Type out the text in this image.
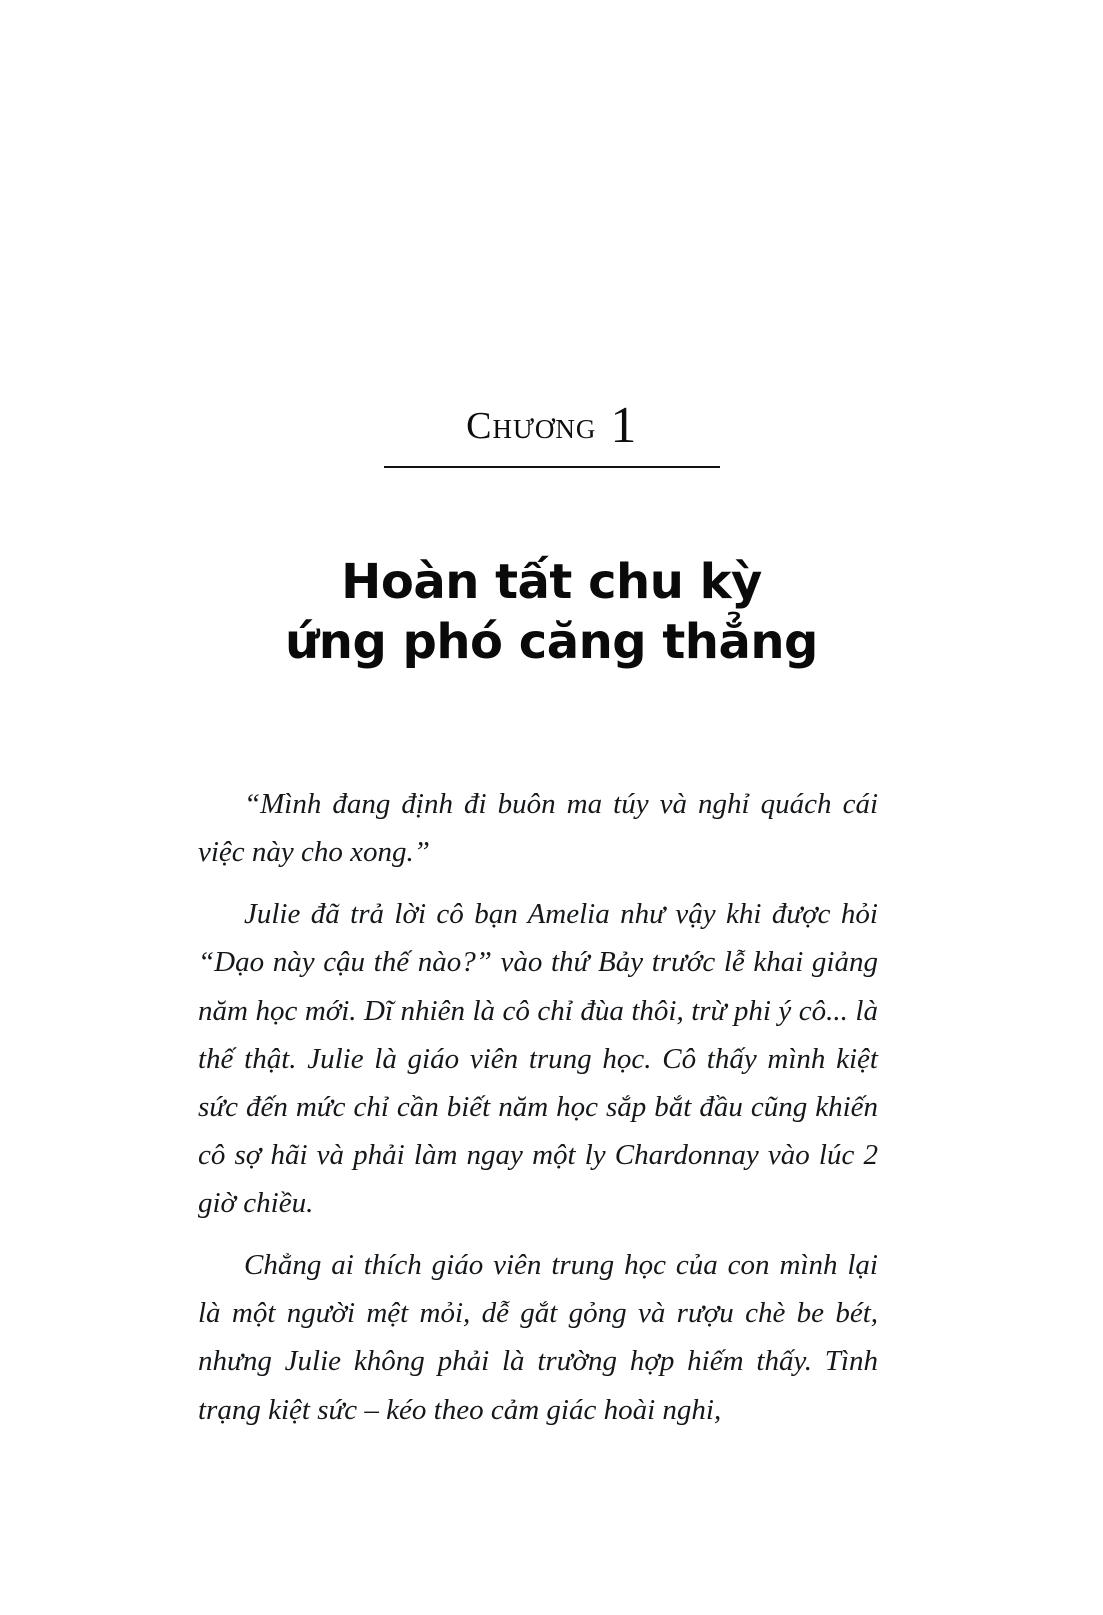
Chương 1
Hoàn tất chu kỳ
ứng phó căng thẳng

“Mình đang định đi buôn ma túy và nghỉ quách cái việc này cho xong.”

Julie đã trả lời cô bạn Amelia như vậy khi được hỏi “Dạo này cậu thế nào?” vào thứ Bảy trước lễ khai giảng năm học mới. Dĩ nhiên là cô chỉ đùa thôi, trừ phi ý cô... là thế thật. Julie là giáo viên trung học. Cô thấy mình kiệt sức đến mức chỉ cần biết năm học sắp bắt đầu cũng khiến cô sợ hãi và phải làm ngay một ly Chardonnay vào lúc 2 giờ chiều.

Chẳng ai thích giáo viên trung học của con mình lại là một người mệt mỏi, dễ gắt gỏng và rượu chè be bét, nhưng Julie không phải là trường hợp hiếm thấy. Tình trạng kiệt sức – kéo theo cảm giác hoài nghi,
